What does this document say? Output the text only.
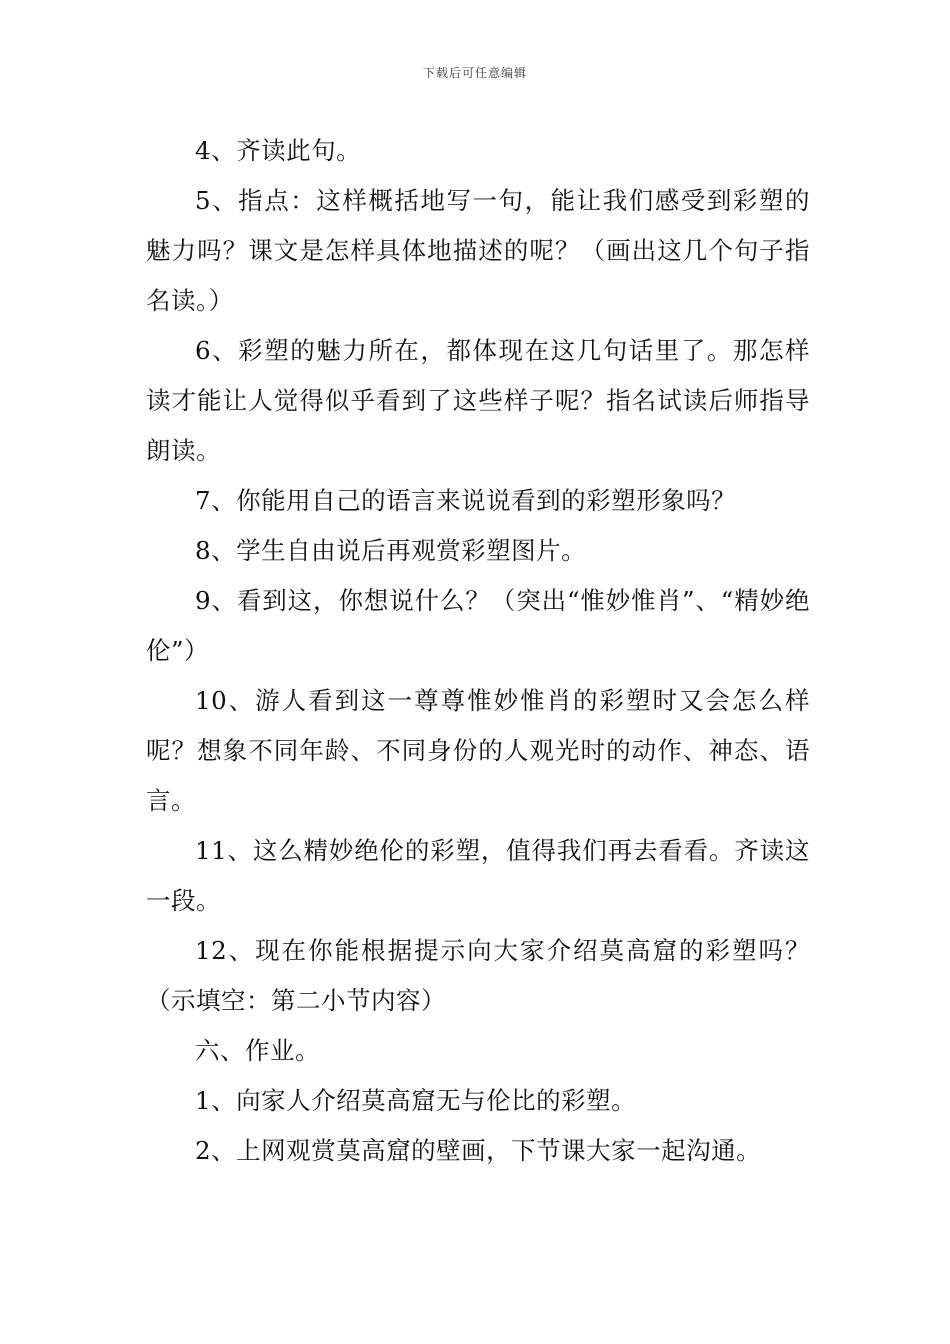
下载后可任意编辑

4、齐读此句。

5、指点：这样概括地写一句，能让我们感受到彩塑的魅力吗？课文是怎样具体地描述的呢？（画出这几个句子指名读。）

6、彩塑的魅力所在，都体现在这几句话里了。那怎样读才能让人觉得似乎看到了这些样子呢？指名试读后师指导朗读。

7、你能用自己的语言来说说看到的彩塑形象吗？

8、学生自由说后再观赏彩塑图片。

9、看到这，你想说什么？（突出“惟妙惟肖”、“精妙绝伦”）

10、游人看到这一尊尊惟妙惟肖的彩塑时又会怎么样呢？想象不同年龄、不同身份的人观光时的动作、神态、语言。

11、这么精妙绝伦的彩塑，值得我们再去看看。齐读这一段。

12、现在你能根据提示向大家介绍莫高窟的彩塑吗？（示填空：第二小节内容）

六、作业。

1、向家人介绍莫高窟无与伦比的彩塑。

2、上网观赏莫高窟的壁画，下节课大家一起沟通。
